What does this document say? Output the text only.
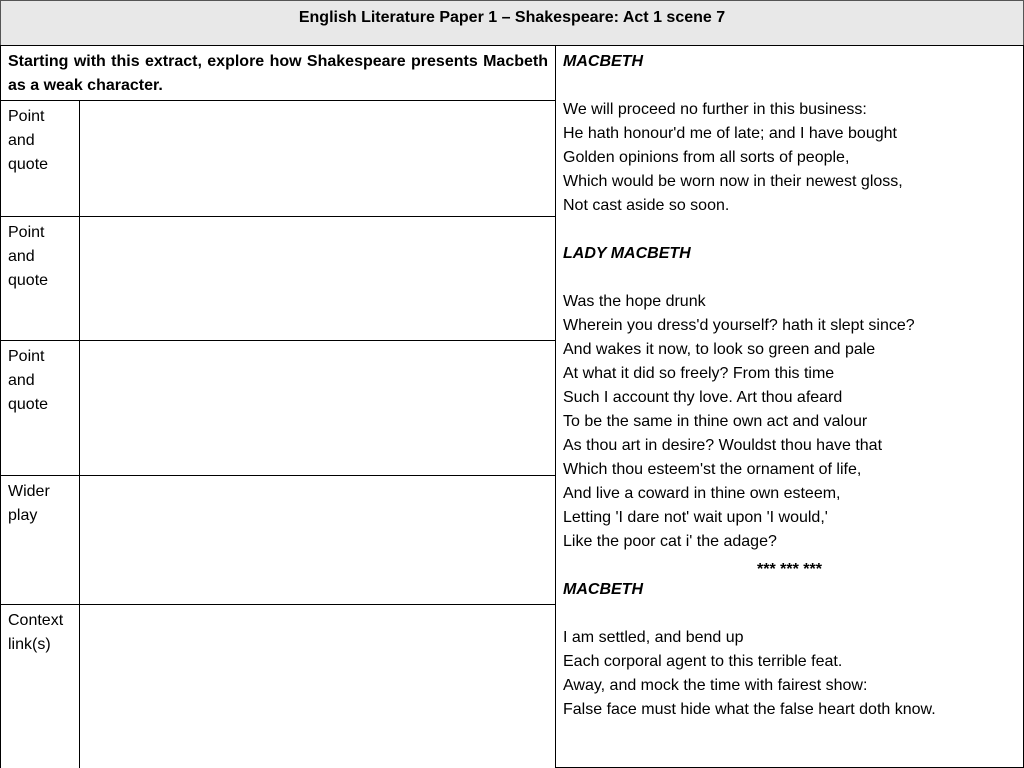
English Literature Paper 1 – Shakespeare: Act 1 scene 7
Starting with this extract, explore how Shakespeare presents Macbeth as a weak character.
Point and quote
Point and quote
Point and quote
Wider play
Context link(s)
MACBETH
We will proceed no further in this business:
He hath honour'd me of late; and I have bought
Golden opinions from all sorts of people,
Which would be worn now in their newest gloss,
Not cast aside so soon.
LADY MACBETH
Was the hope drunk
Wherein you dress'd yourself? hath it slept since?
And wakes it now, to look so green and pale
At what it did so freely? From this time
Such I account thy love. Art thou afeard
To be the same in thine own act and valour
As thou art in desire? Wouldst thou have that
Which thou esteem'st the ornament of life,
And live a coward in thine own esteem,
Letting 'I dare not' wait upon 'I would,'
Like the poor cat i' the adage?
*** *** ***
MACBETH
I am settled, and bend up
Each corporal agent to this terrible feat.
Away, and mock the time with fairest show:
False face must hide what the false heart doth know.
